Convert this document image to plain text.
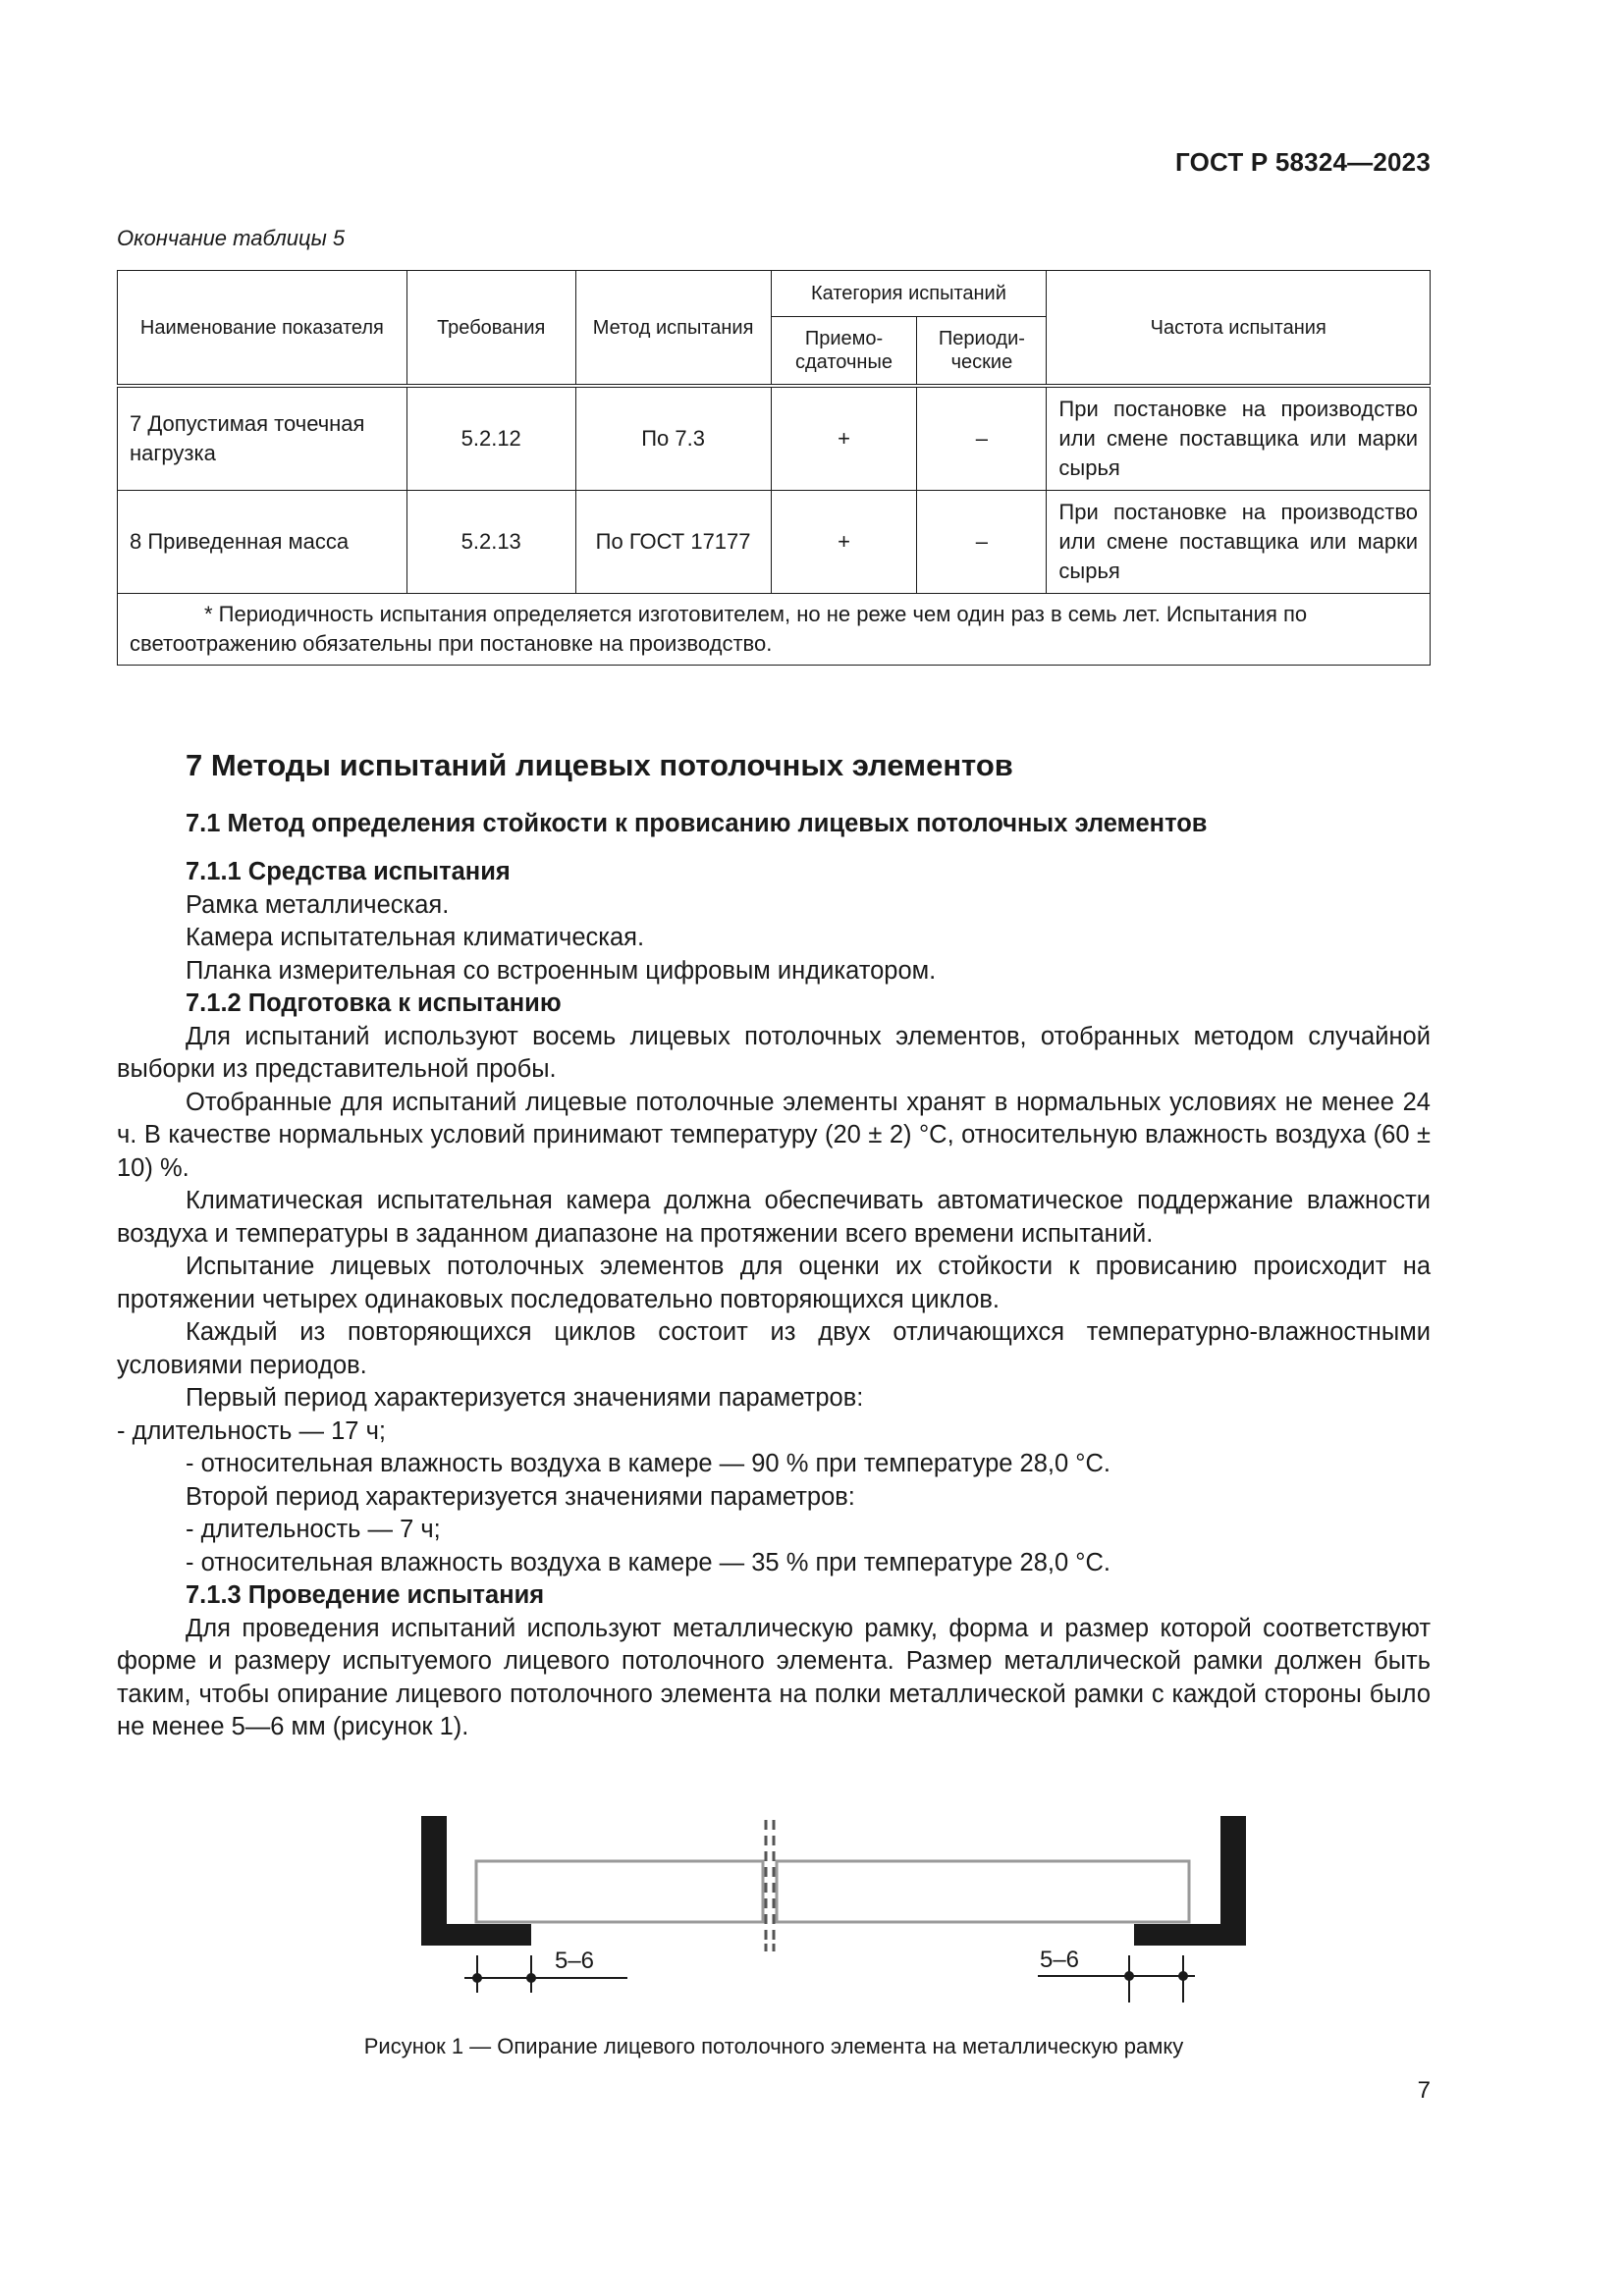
ГОСТ Р 58324—2023
Окончание таблицы 5
Наименование показателя	Требования	Метод испытания	Категория испытаний		Частота испытания
			Приемо-сдаточные	Периоди-ческие	
7 Допустимая точечная нагрузка	5.2.12	По 7.3	+	–	При постановке на производство или смене поставщика или марки сырья
8 Приведенная масса	5.2.13	По ГОСТ 17177	+	–	При постановке на производство или смене поставщика или марки сырья
* Периодичность испытания определяется изготовителем, но не реже чем один раз в семь лет. Испытания по светоотражению обязательны при постановке на производство.					
7 Методы испытаний лицевых потолочных элементов
7.1 Метод определения стойкости к провисанию лицевых потолочных элементов
7.1.1 Средства испытания

Рамка металлическая.

Камера испытательная климатическая.

Планка измерительная со встроенным цифровым индикатором.

7.1.2 Подготовка к испытанию

Для испытаний используют восемь лицевых потолочных элементов, отобранных методом случайной выборки из представительной пробы.

Отобранные для испытаний лицевые потолочные элементы хранят в нормальных условиях не менее 24 ч. В качестве нормальных условий принимают температуру (20 ± 2) °С, относительную влажность воздуха (60 ± 10) %.

Климатическая испытательная камера должна обеспечивать автоматическое поддержание влажности воздуха и температуры в заданном диапазоне на протяжении всего времени испытаний.

Испытание лицевых потолочных элементов для оценки их стойкости к провисанию происходит на протяжении четырех одинаковых последовательно повторяющихся циклов.

Каждый из повторяющихся циклов состоит из двух отличающихся температурно-влажностными условиями периодов.

Первый период характеризуется значениями параметров:

- длительность — 17 ч;

- относительная влажность воздуха в камере — 90 % при температуре 28,0 °С.

Второй период характеризуется значениями параметров:

- длительность — 7 ч;

- относительная влажность воздуха в камере — 35 % при температуре 28,0 °С.

7.1.3 Проведение испытания

Для проведения испытаний используют металлическую рамку, форма и размер которой соответствуют форме и размеру испытуемого лицевого потолочного элемента. Размер металлической рамки должен быть таким, чтобы опирание лицевого потолочного элемента на полки металлической рамки с каждой стороны было не менее 5—6 мм (рисунок 1).

5–6	5–6
Рисунок 1 — Опирание лицевого потолочного элемента на металлическую рамку
7
